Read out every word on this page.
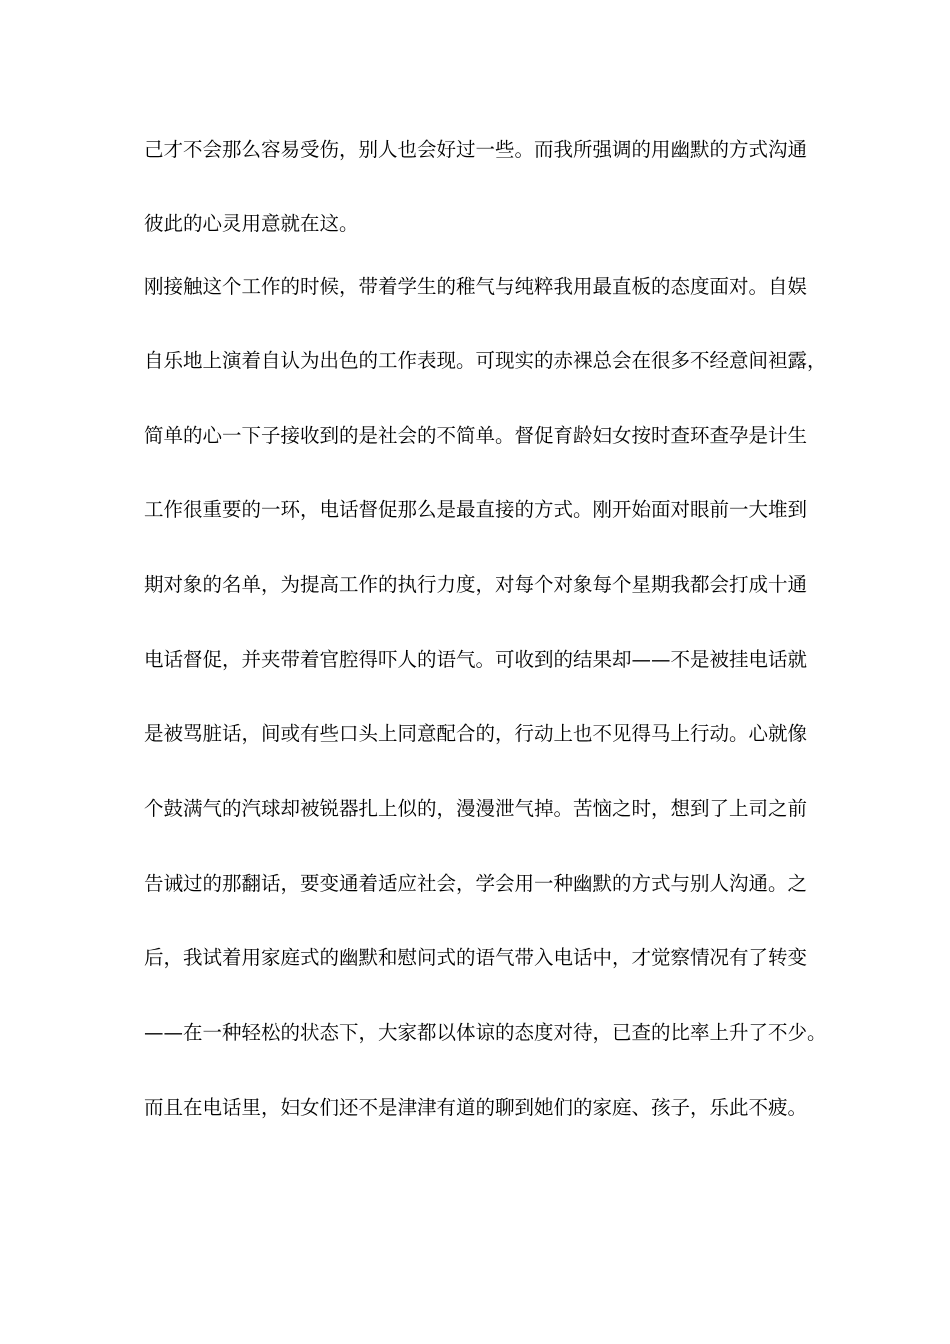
己才不会那么容易受伤，别人也会好过一些。而我所强调的用幽默的方式沟通
彼此的心灵用意就在这。
刚接触这个工作的时候，带着学生的稚气与纯粹我用最直板的态度面对。自娱
自乐地上演着自认为出色的工作表现。可现实的赤裸总会在很多不经意间袒露，
简单的心一下子接收到的是社会的不简单。督促育龄妇女按时查环查孕是计生
工作很重要的一环，电话督促那么是最直接的方式。刚开始面对眼前一大堆到
期对象的名单，为提高工作的执行力度，对每个对象每个星期我都会打成十通
电话督促，并夹带着官腔得吓人的语气。可收到的结果却——不是被挂电话就
是被骂脏话，间或有些口头上同意配合的，行动上也不见得马上行动。心就像
个鼓满气的汽球却被锐器扎上似的，漫漫泄气掉。苦恼之时，想到了上司之前
告诫过的那翻话，要变通着适应社会，学会用一种幽默的方式与别人沟通。之
后，我试着用家庭式的幽默和慰问式的语气带入电话中，才觉察情况有了转变
——在一种轻松的状态下，大家都以体谅的态度对待，已查的比率上升了不少。
而且在电话里，妇女们还不是津津有道的聊到她们的家庭、孩子，乐此不疲。
